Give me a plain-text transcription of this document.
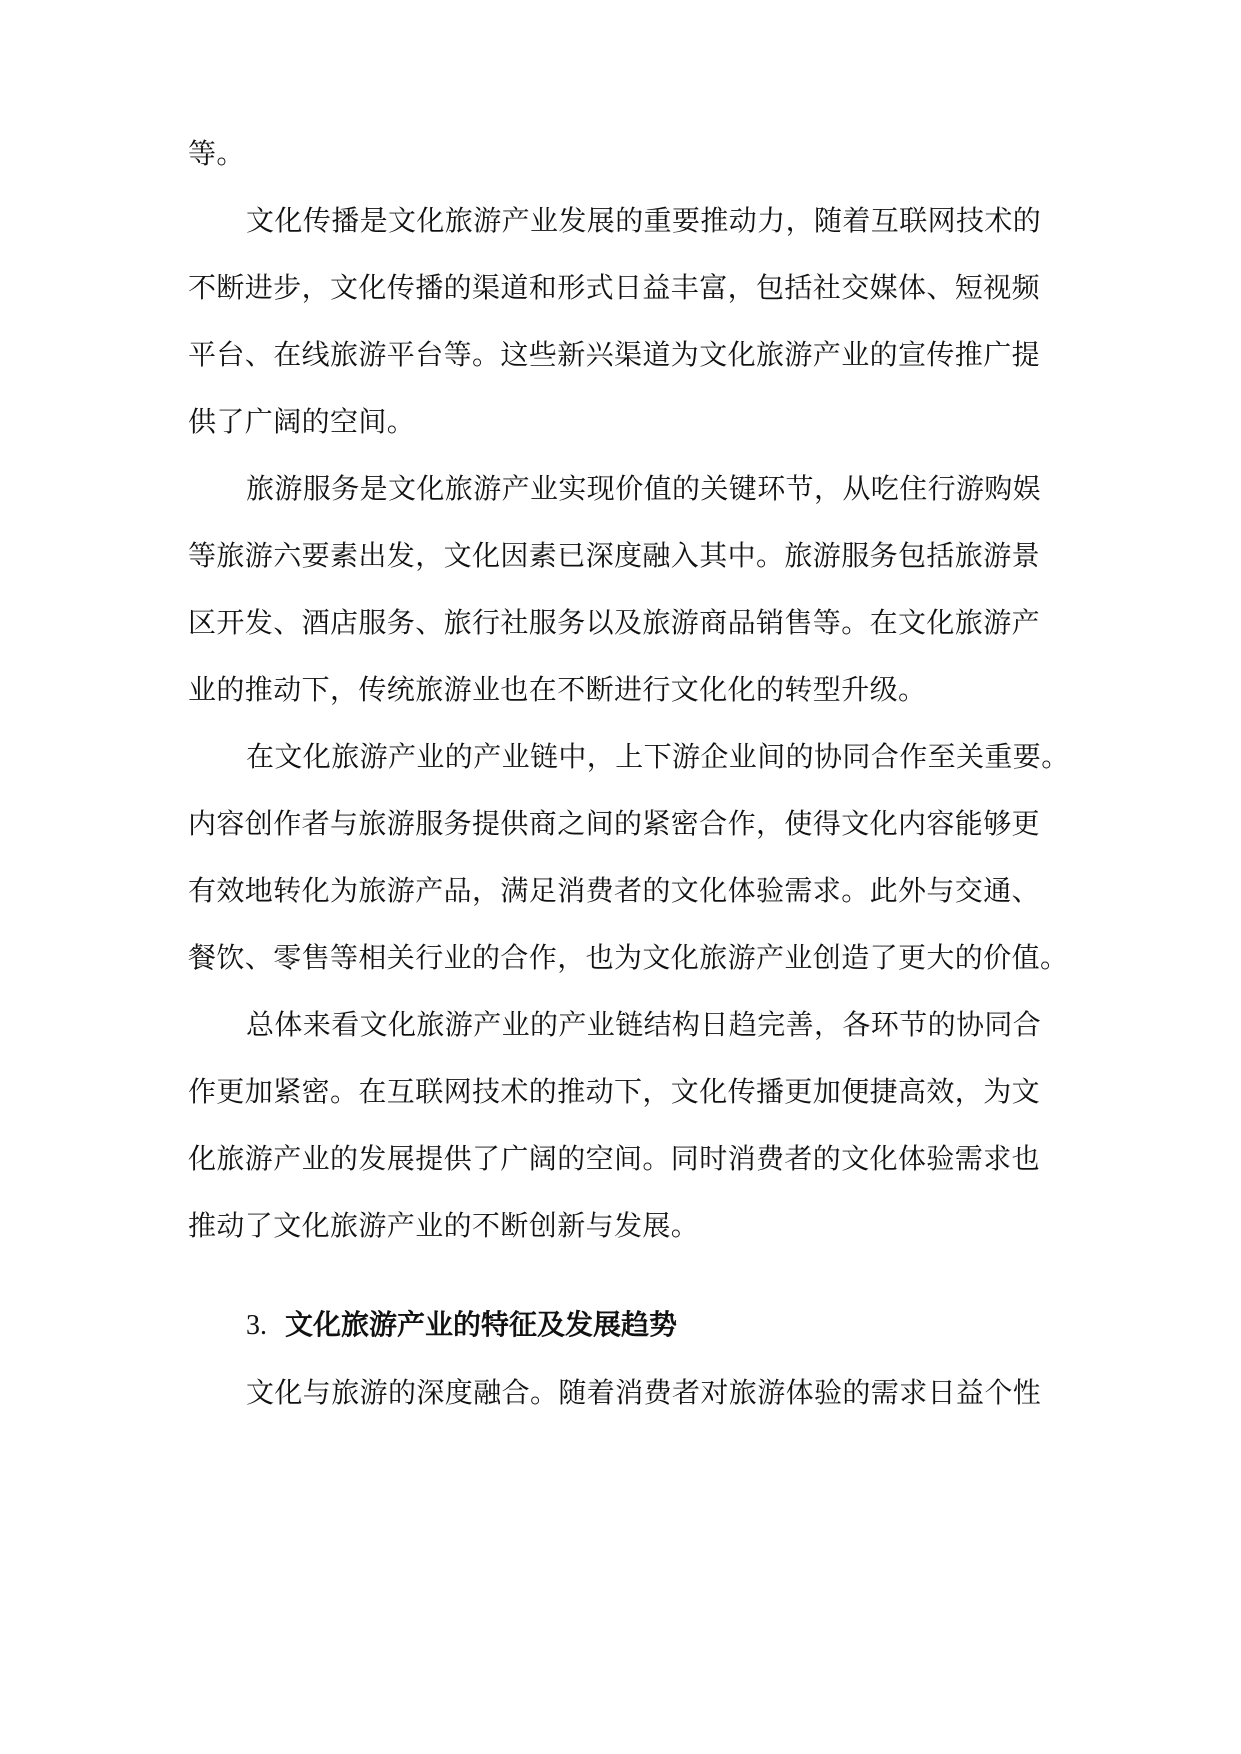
等。
文化传播是文化旅游产业发展的重要推动力，随着互联网技术的
不断进步，文化传播的渠道和形式日益丰富，包括社交媒体、短视频
平台、在线旅游平台等。这些新兴渠道为文化旅游产业的宣传推广提
供了广阔的空间。
旅游服务是文化旅游产业实现价值的关键环节，从吃住行游购娱
等旅游六要素出发，文化因素已深度融入其中。旅游服务包括旅游景
区开发、酒店服务、旅行社服务以及旅游商品销售等。在文化旅游产
业的推动下，传统旅游业也在不断进行文化化的转型升级。
在文化旅游产业的产业链中，上下游企业间的协同合作至关重要。
内容创作者与旅游服务提供商之间的紧密合作，使得文化内容能够更
有效地转化为旅游产品，满足消费者的文化体验需求。此外与交通、
餐饮、零售等相关行业的合作，也为文化旅游产业创造了更大的价值。
总体来看文化旅游产业的产业链结构日趋完善，各环节的协同合
作更加紧密。在互联网技术的推动下，文化传播更加便捷高效，为文
化旅游产业的发展提供了广阔的空间。同时消费者的文化体验需求也
推动了文化旅游产业的不断创新与发展。
3. 文化旅游产业的特征及发展趋势
文化与旅游的深度融合。随着消费者对旅游体验的需求日益个性
